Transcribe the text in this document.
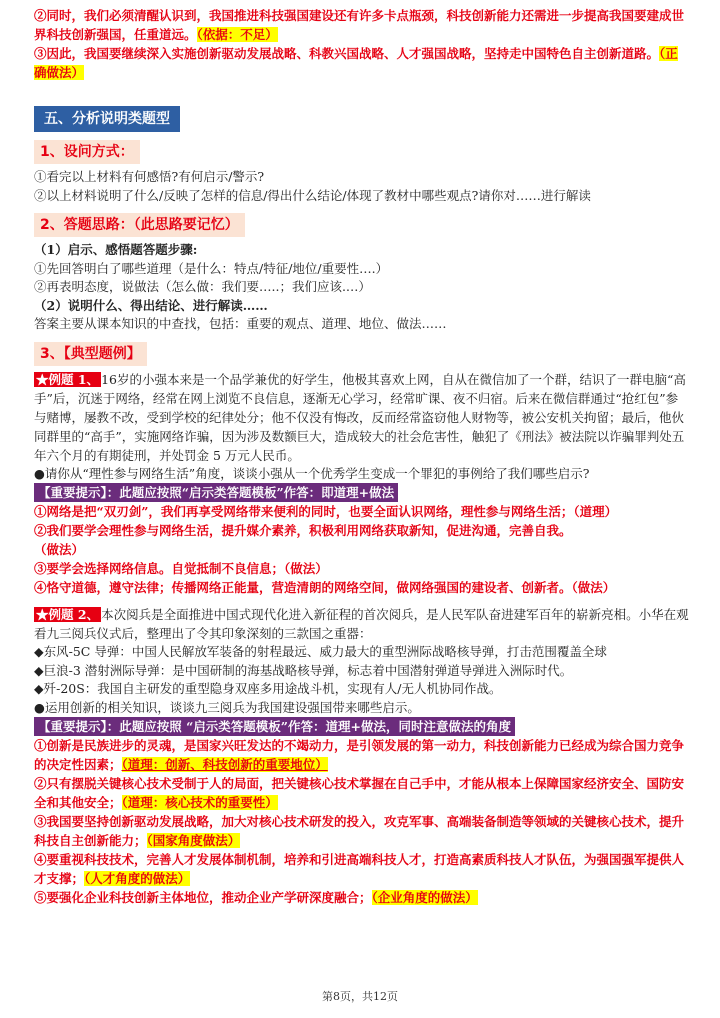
②同时，我们必须清醒认识到，我国推进科技强国建设还有许多卡点瓶颈，科技创新能力还需进一步提高我国要建成世界科技创新强国，任重道远。（依据：不足）
③因此，我国要继续深入实施创新驱动发展战略、科教兴国战略、人才强国战略，坚持走中国特色自主创新道路。（正确做法）
五、分析说明类题型
1、设问方式：
①看完以上材料有何感悟?有何启示/警示?
②以上材料说明了什么/反映了怎样的信息/得出什么结论/体现了教材中哪些观点?请你对……进行解读
2、答题思路：（此思路要记忆）
（1）启示、感悟题答题步骤:
①先回答明白了哪些道理（是什么：特点/特征/地位/重要性….）
②再表明态度，说做法（怎么做：我们要…..；我们应该.…）
（2）说明什么、得出结论、进行解读……
答案主要从课本知识的中查找，包括：重要的观点、道理、地位、做法……
3、【典型题例】
★例题 1、 16岁的小强本来是一个品学兼优的好学生，他极其喜欢上网，自从在微信加了一个群，结识了一群电脑“高手”后，沉迷于网络，经常在网上浏览不良信息，逐渐无心学习，经常旷课、夜不归宿。后来在微信群通过“抢红包”参与赌博，屡教不改，受到学校的纪律处分；他不仅没有悔改，反而经常盗窃他人财物等，被公安机关拘留；最后，他伙同群里的“高手”，实施网络诈骗，因为涉及数额巨大，造成较大的社会危害性，触犯了《刑法》被法院以诈骗罪判处五年六个月的有期徒刑，并处罚金 5 万元人民币。
●请你从“理性参与网络生活”角度，谈谈小强从一个优秀学生变成一个罪犯的事例给了我们哪些启示?
【重要提示】：此题应按照“启示类答题模板”作答：即道理+做法
①网络是把“双刃剑”，我们再享受网络带来便利的同时，也要全面认识网络，理性参与网络生活；（道理）
②我们要学会理性参与网络生活，提升媒介素养，积极利用网络获取新知，促进沟通，完善自我。
（做法）
③要学会选择网络信息。自觉抵制不良信息；（做法）
④恪守道德，遵守法律；传播网络正能量，营造清朗的网络空间，做网络强国的建设者、创新者。（做法）
★例题 2、 本次阅兵是全面推进中国式现代化进入新征程的首次阅兵，是人民军队奋进建军百年的崭新亮相。小华在观看九三阅兵仪式后，整理出了令其印象深刻的三款国之重器：
◆东风-5C 导弹：中国人民解放军装备的射程最远、威力最大的重型洲际战略核导弹，打击范围覆盖全球
◆巨浪-3 潜射洲际导弹：是中国研制的海基战略核导弹，标志着中国潜射弹道导弹进入洲际时代。
◆歼-20S：我国自主研发的重型隐身双座多用途战斗机，实现有人/无人机协同作战。
●运用创新的相关知识，谈谈九三阅兵为我国建设强国带来哪些启示。
【重要提示】：此题应按照 “启示类答题模板”作答：道理+做法，同时注意做法的角度
①创新是民族进步的灵魂，是国家兴旺发达的不竭动力，是引领发展的第一动力，科技创新能力已经成为综合国力竞争的决定性因素；（道理：创新、科技创新的重要地位）
②只有摆脱关键核心技术受制于人的局面，把关键核心技术掌握在自己手中，才能从根本上保障国家经济安全、国防安全和其他安全；（道理：核心技术的重要性）
③我国要坚持创新驱动发展战略，加大对核心技术研发的投入，攻克军事、高端装备制造等领域的关键核心技术，提升科技自主创新能力；（国家角度做法）
④要重视科技技术，完善人才发展体制机制，培养和引进高端科技人才，打造高素质科技人才队伍，为强国强军提供人才支撑；（人才角度的做法）
⑤要强化企业科技创新主体地位，推动企业产学研深度融合；（企业角度的做法）
第8页，共12页
